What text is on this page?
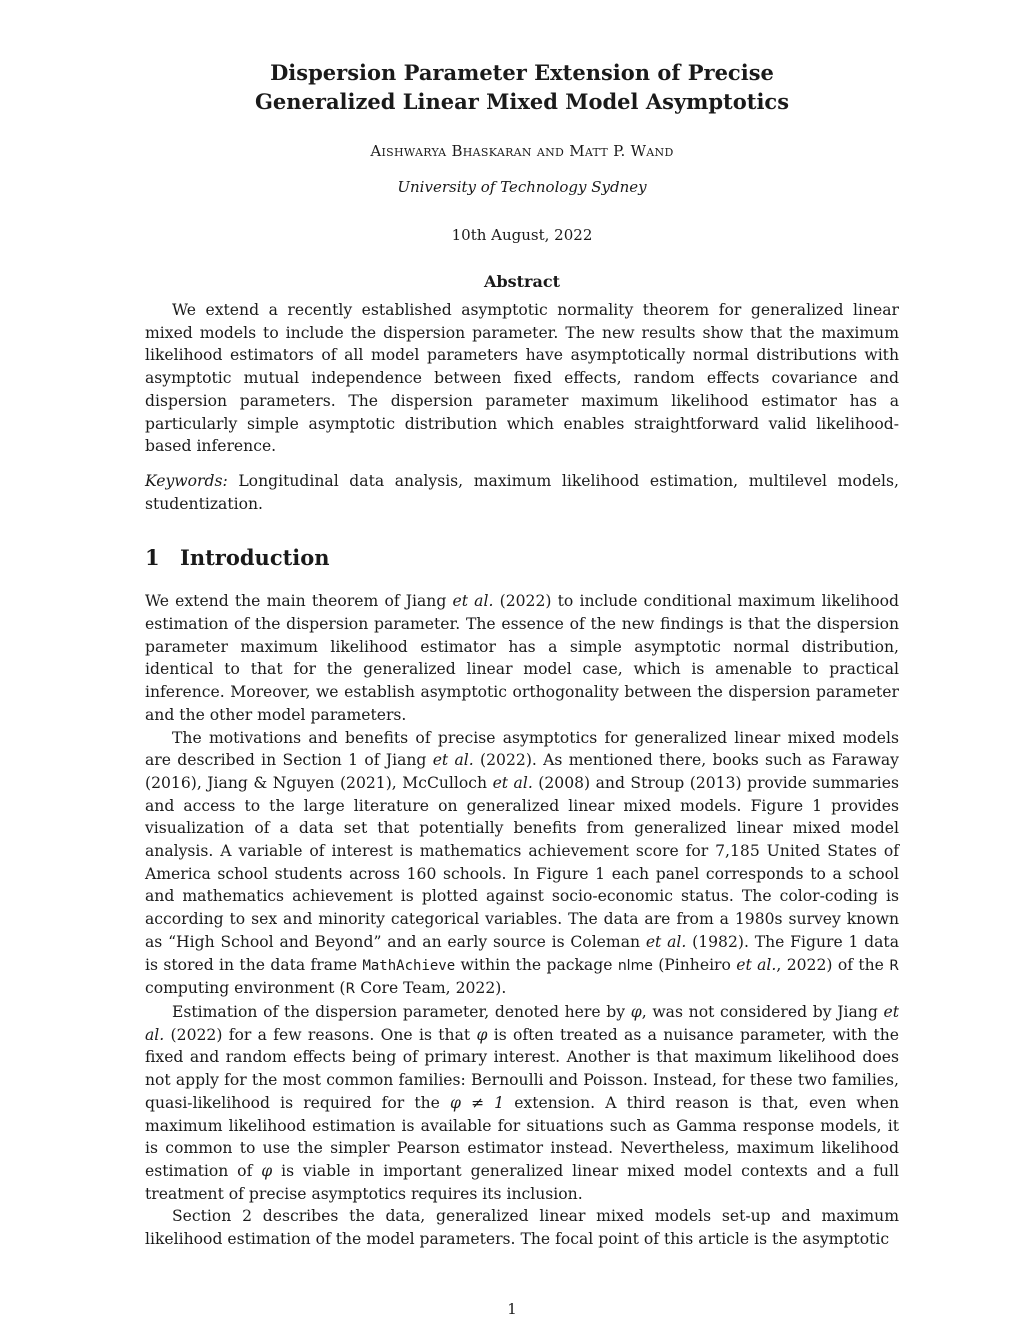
Dispersion Parameter Extension of Precise
Generalized Linear Mixed Model Asymptotics
Aishwarya Bhaskaran and Matt P. Wand
University of Technology Sydney
10th August, 2022
Abstract

We extend a recently established asymptotic normality theorem for generalized linear mixed models to include the dispersion parameter. The new results show that the maximum likelihood estimators of all model parameters have asymptotically normal distributions with asymptotic mutual independence between fixed effects, random effects covariance and dispersion parameters. The dispersion parameter maximum likelihood estimator has a particularly simple asymptotic distribution which enables straightforward valid likelihood-based inference.

Keywords: Longitudinal data analysis, maximum likelihood estimation, multilevel models, studentization.

1 Introduction

We extend the main theorem of Jiang et al. (2022) to include conditional maximum likelihood estimation of the dispersion parameter. The essence of the new findings is that the dispersion parameter maximum likelihood estimator has a simple asymptotic normal distribution, identical to that for the generalized linear model case, which is amenable to practical inference. Moreover, we establish asymptotic orthogonality between the dispersion parameter and the other model parameters.

The motivations and benefits of precise asymptotics for generalized linear mixed models are described in Section 1 of Jiang et al. (2022). As mentioned there, books such as Faraway (2016), Jiang & Nguyen (2021), McCulloch et al. (2008) and Stroup (2013) provide summaries and access to the large literature on generalized linear mixed models. Figure 1 provides visualization of a data set that potentially benefits from generalized linear mixed model analysis. A variable of interest is mathematics achievement score for 7,185 United States of America school students across 160 schools. In Figure 1 each panel corresponds to a school and mathematics achievement is plotted against socio-economic status. The color-coding is according to sex and minority categorical variables. The data are from a 1980s survey known as “High School and Beyond” and an early source is Coleman et al. (1982). The Figure 1 data is stored in the data frame MathAchieve within the package nlme (Pinheiro et al., 2022) of the R computing environment (R Core Team, 2022).

Estimation of the dispersion parameter, denoted here by φ, was not considered by Jiang et al. (2022) for a few reasons. One is that φ is often treated as a nuisance parameter, with the fixed and random effects being of primary interest. Another is that maximum likelihood does not apply for the most common families: Bernoulli and Poisson. Instead, for these two families, quasi-likelihood is required for the φ ≠ 1 extension. A third reason is that, even when maximum likelihood estimation is available for situations such as Gamma response models, it is common to use the simpler Pearson estimator instead. Nevertheless, maximum likelihood estimation of φ is viable in important generalized linear mixed model contexts and a full treatment of precise asymptotics requires its inclusion.

Section 2 describes the data, generalized linear mixed models set-up and maximum likelihood estimation of the model parameters. The focal point of this article is the asymptotic

1
